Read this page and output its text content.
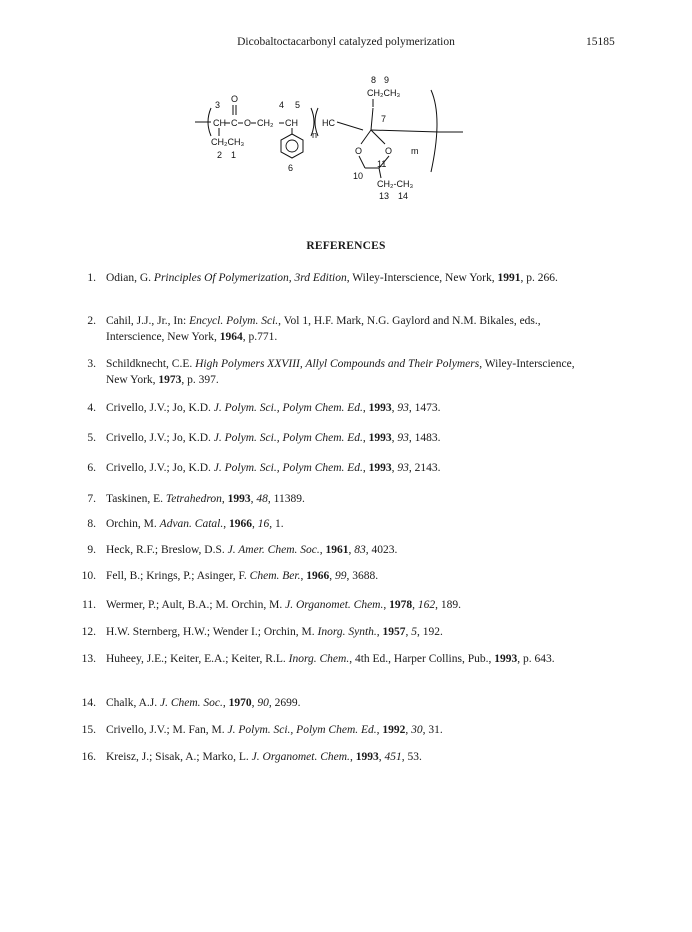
Dicobaltoctacarbonyl catalyzed polymerization	15185
3	4 5
O
CH C O CH₂ CH
n
CH₂CH₃
2 1
6
8 9
CH₂CH₃
HC	7
O	O m
11
10
CH₂-CH₃
13 14
REFERENCES
1. Odian, G. Principles Of Polymerization, 3rd Edition, Wiley-Interscience, New York, 1991, p. 266.
2. Cahil, J.J., Jr., In: Encycl. Polym. Sci., Vol 1, H.F. Mark, N.G. Gaylord and N.M. Bikales, eds., Interscience, New York, 1964, p.771.
3. Schildknecht, C.E. High Polymers XXVIII, Allyl Compounds and Their Polymers, Wiley-Interscience, New York, 1973, p. 397.
4. Crivello, J.V.; Jo, K.D. J. Polym. Sci., Polym Chem. Ed., 1993, 93, 1473.
5. Crivello, J.V.; Jo, K.D. J. Polym. Sci., Polym Chem. Ed., 1993, 93, 1483.
6. Crivello, J.V.; Jo, K.D. J. Polym. Sci., Polym Chem. Ed., 1993, 93, 2143.
7. Taskinen, E. Tetrahedron, 1993, 48, 11389.
8. Orchin, M. Advan. Catal., 1966, 16, 1.
9. Heck, R.F.; Breslow, D.S. J. Amer. Chem. Soc., 1961, 83, 4023.
10. Fell, B.; Krings, P.; Asinger, F. Chem. Ber., 1966, 99, 3688.
11. Wermer, P.; Ault, B.A.; M. Orchin, M. J. Organomet. Chem., 1978, 162, 189.
12. H.W. Sternberg, H.W.; Wender I.; Orchin, M. Inorg. Synth., 1957, 5, 192.
13. Huheey, J.E.; Keiter, E.A.; Keiter, R.L. Inorg. Chem., 4th Ed., Harper Collins, Pub., 1993, p. 643.
14. Chalk, A.J. J. Chem. Soc., 1970, 90, 2699.
15. Crivello, J.V.; M. Fan, M. J. Polym. Sci., Polym Chem. Ed., 1992, 30, 31.
16. Kreisz, J.; Sisak, A.; Marko, L. J. Organomet. Chem., 1993, 451, 53.
